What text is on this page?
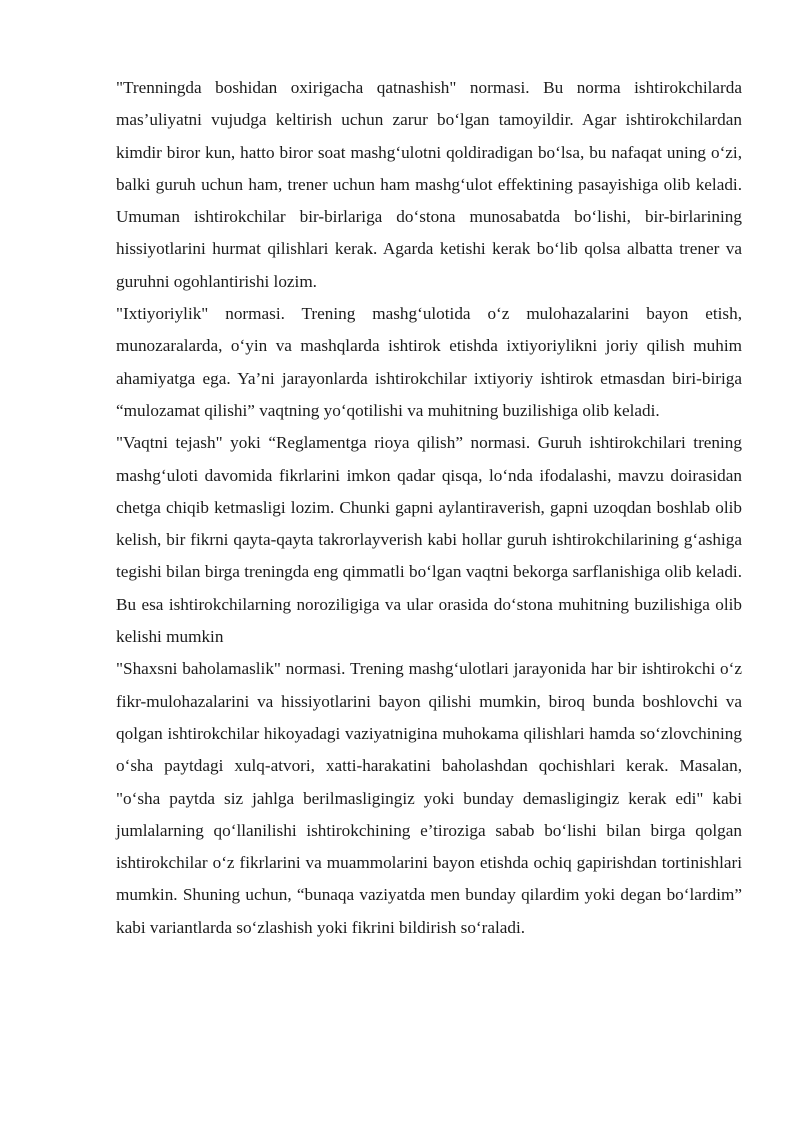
"Trenningda boshidan oxirigacha qatnashish" normasi. Bu norma ishtirokchilarda mas’uliyatni vujudga keltirish uchun zarur bo‘lgan tamoyildir. Agar ishtirokchilardan kimdir biror kun, hatto biror soat mashg‘ulotni qoldiradigan bo‘lsa, bu nafaqat uning o‘zi, balki guruh uchun ham, trener uchun ham mashg‘ulot effektining pasayishiga olib keladi. Umuman ishtirokchilar bir-birlariga do‘stona munosabatda bo‘lishi, bir-birlarining hissiyotlarini hurmat qilishlari kerak. Agarda ketishi kerak bo‘lib qolsa albatta trener va guruhni ogohlantirishi lozim.

"Ixtiyoriylik" normasi. Trening mashg‘ulotida o‘z mulohazalarini bayon etish, munozaralarda, o‘yin va mashqlarda ishtirok etishda ixtiyoriylikni joriy qilish muhim ahamiyatga ega. Ya’ni jarayonlarda ishtirokchilar ixtiyoriy ishtirok etmasdan biri-biriga “mulozamat qilishi” vaqtning yo‘qotilishi va muhitning buzilishiga olib keladi.

"Vaqtni tejash" yoki “Reglamentga rioya qilish” normasi. Guruh ishtirokchilari trening mashg‘uloti davomida fikrlarini imkon qadar qisqa, lo‘nda ifodalashi, mavzu doirasidan chetga chiqib ketmasligi lozim. Chunki gapni aylantiraverish, gapni uzoqdan boshlab olib kelish, bir fikrni qayta-qayta takrorlayverish kabi hollar guruh ishtirokchilarining g‘ashiga tegishi bilan birga treningda eng qimmatli bo‘lgan vaqtni bekorga sarflanishiga olib keladi. Bu esa ishtirokchilarning noroziligiga va ular orasida do‘stona muhitning buzilishiga olib kelishi mumkin

"Shaxsni baholamaslik" normasi. Trening mashg‘ulotlari jarayonida har bir ishtirokchi o‘z fikr-mulohazalarini va hissiyotlarini bayon qilishi mumkin, biroq bunda boshlovchi va qolgan ishtirokchilar hikoyadagi vaziyatnigina muhokama qilishlari hamda so‘zlovchining o‘sha paytdagi xulq-atvori, xatti-harakatini baholashdan qochishlari kerak. Masalan, "o‘sha paytda siz jahlga berilmasligingiz yoki bunday demasligingiz kerak edi" kabi jumlalarning qo‘llanilishi ishtirokchining e’tiroziga sabab bo‘lishi bilan birga qolgan ishtirokchilar o‘z fikrlarini va muammolarini bayon etishda ochiq gapirishdan tortinishlari mumkin. Shuning uchun, “bunaqa vaziyatda men bunday qilardim yoki degan bo‘lardim” kabi variantlarda so‘zlashish yoki fikrini bildirish so‘raladi.
